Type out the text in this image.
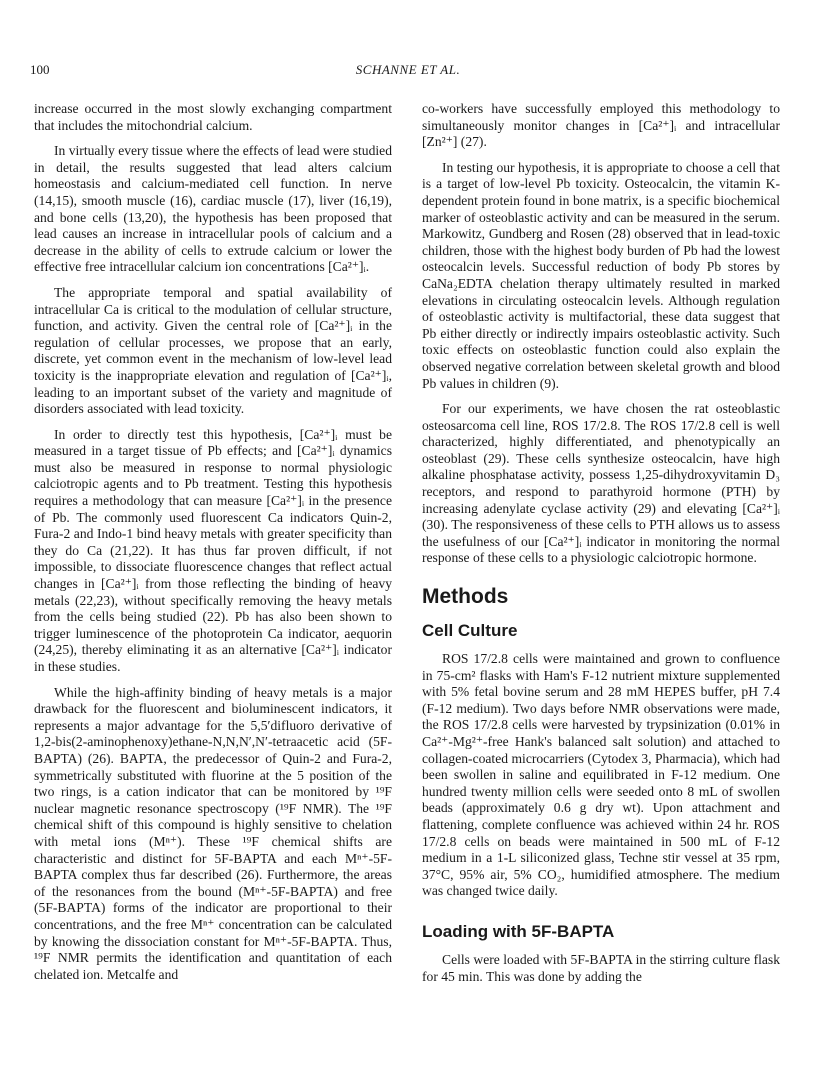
100	SCHANNE ET AL.

increase occurred in the most slowly exchanging compartment that includes the mitochondrial calcium.

In virtually every tissue where the effects of lead were studied in detail, the results suggested that lead alters calcium homeostasis and calcium-mediated cell function. In nerve (14,15), smooth muscle (16), cardiac muscle (17), liver (16,19), and bone cells (13,20), the hypothesis has been proposed that lead causes an increase in intracellular pools of calcium and a decrease in the ability of cells to extrude calcium or lower the effective free intracellular calcium ion concentrations [Ca²⁺]ᵢ.

The appropriate temporal and spatial availability of intracellular Ca is critical to the modulation of cellular structure, function, and activity. Given the central role of [Ca²⁺]ᵢ in the regulation of cellular processes, we propose that an early, discrete, yet common event in the mechanism of low-level lead toxicity is the inappropriate elevation and regulation of [Ca²⁺]ᵢ, leading to an important subset of the variety and magnitude of disorders associated with lead toxicity.

In order to directly test this hypothesis, [Ca²⁺]ᵢ must be measured in a target tissue of Pb effects; and [Ca²⁺]ᵢ dynamics must also be measured in response to normal physiologic calciotropic agents and to Pb treatment. Testing this hypothesis requires a methodology that can measure [Ca²⁺]ᵢ in the presence of Pb. The commonly used fluorescent Ca indicators Quin-2, Fura-2 and Indo-1 bind heavy metals with greater specificity than they do Ca (21,22). It has thus far proven difficult, if not impossible, to dissociate fluorescence changes that reflect actual changes in [Ca²⁺]ᵢ from those reflecting the binding of heavy metals (22,23), without specifically removing the heavy metals from the cells being studied (22). Pb has also been shown to trigger luminescence of the photoprotein Ca indicator, aequorin (24,25), thereby eliminating it as an alternative [Ca²⁺]ᵢ indicator in these studies.

While the high-affinity binding of heavy metals is a major drawback for the fluorescent and bioluminescent indicators, it represents a major advantage for the 5,5′difluoro derivative of 1,2-bis(2-aminophenoxy)ethane-N,N,N′,N′-tetraacetic acid (5F-BAPTA) (26). BAPTA, the predecessor of Quin-2 and Fura-2, symmetrically substituted with fluorine at the 5 position of the two rings, is a cation indicator that can be monitored by ¹⁹F nuclear magnetic resonance spectroscopy (¹⁹F NMR). The ¹⁹F chemical shift of this compound is highly sensitive to chelation with metal ions (Mⁿ⁺). These ¹⁹F chemical shifts are characteristic and distinct for 5F-BAPTA and each Mⁿ⁺-5F-BAPTA complex thus far described (26). Furthermore, the areas of the resonances from the bound (Mⁿ⁺-5F-BAPTA) and free (5F-BAPTA) forms of the indicator are proportional to their concentrations, and the free Mⁿ⁺ concentration can be calculated by knowing the dissociation constant for Mⁿ⁺-5F-BAPTA. Thus, ¹⁹F NMR permits the identification and quantitation of each chelated ion. Metcalfe and

co-workers have successfully employed this methodology to simultaneously monitor changes in [Ca²⁺]ᵢ and intracellular [Zn²⁺] (27).

In testing our hypothesis, it is appropriate to choose a cell that is a target of low-level Pb toxicity. Osteocalcin, the vitamin K-dependent protein found in bone matrix, is a specific biochemical marker of osteoblastic activity and can be measured in the serum. Markowitz, Gundberg and Rosen (28) observed that in lead-toxic children, those with the highest body burden of Pb had the lowest osteocalcin levels. Successful reduction of body Pb stores by CaNa₂EDTA chelation therapy ultimately resulted in marked elevations in circulating osteocalcin levels. Although regulation of osteoblastic activity is multifactorial, these data suggest that Pb either directly or indirectly impairs osteoblastic activity. Such toxic effects on osteoblastic function could also explain the observed negative correlation between skeletal growth and blood Pb values in children (9).

For our experiments, we have chosen the rat osteoblastic osteosarcoma cell line, ROS 17/2.8. The ROS 17/2.8 cell is well characterized, highly differentiated, and phenotypically an osteoblast (29). These cells synthesize osteocalcin, have high alkaline phosphatase activity, possess 1,25-dihydroxyvitamin D₃ receptors, and respond to parathyroid hormone (PTH) by increasing adenylate cyclase activity (29) and elevating [Ca²⁺]ᵢ (30). The responsiveness of these cells to PTH allows us to assess the usefulness of our [Ca²⁺]ᵢ indicator in monitoring the normal response of these cells to a physiologic calciotropic hormone.

Methods
Cell Culture

ROS 17/2.8 cells were maintained and grown to confluence in 75-cm² flasks with Ham's F-12 nutrient mixture supplemented with 5% fetal bovine serum and 28 mM HEPES buffer, pH 7.4 (F-12 medium). Two days before NMR observations were made, the ROS 17/2.8 cells were harvested by trypsinization (0.01% in Ca²⁺-Mg²⁺-free Hank's balanced salt solution) and attached to collagen-coated microcarriers (Cytodex 3, Pharmacia), which had been swollen in saline and equilibrated in F-12 medium. One hundred twenty million cells were seeded onto 8 mL of swollen beads (approximately 0.6 g dry wt). Upon attachment and flattening, complete confluence was achieved within 24 hr. ROS 17/2.8 cells on beads were maintained in 500 mL of F-12 medium in a 1-L siliconized glass, Techne stir vessel at 35 rpm, 37°C, 95% air, 5% CO₂, humidified atmosphere. The medium was changed twice daily.

Loading with 5F-BAPTA

Cells were loaded with 5F-BAPTA in the stirring culture flask for 45 min. This was done by adding the
